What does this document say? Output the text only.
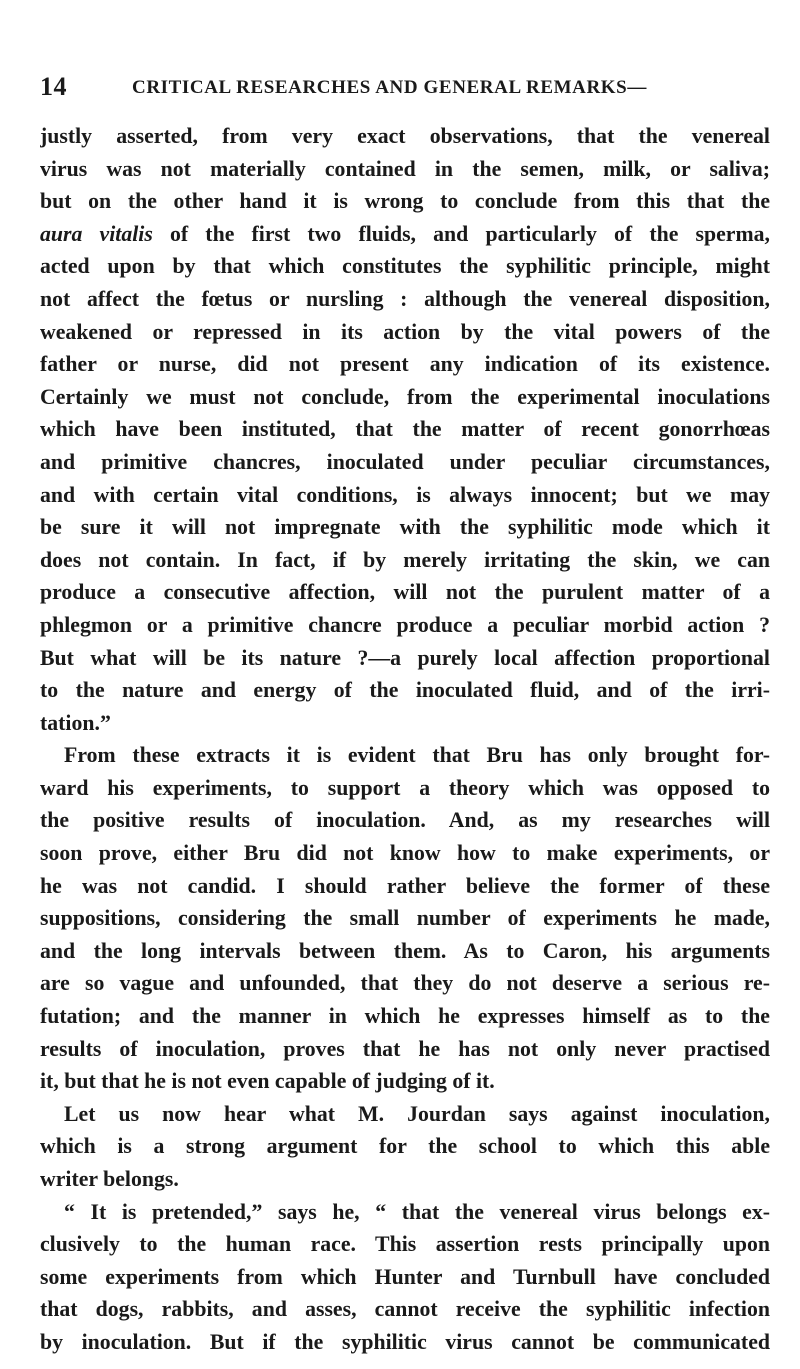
14	CRITICAL RESEARCHES AND GENERAL REMARKS—
justly asserted, from very exact observations, that the venereal
virus was not materially contained in the semen, milk, or saliva;
but on the other hand it is wrong to conclude from this that the
aura vitalis of the first two fluids, and particularly of the sperma,
acted upon by that which constitutes the syphilitic principle, might
not affect the fœtus or nursling : although the venereal disposition,
weakened or repressed in its action by the vital powers of the
father or nurse, did not present any indication of its existence.
Certainly we must not conclude, from the experimental inoculations
which have been instituted, that the matter of recent gonorrhœas
and primitive chancres, inoculated under peculiar circumstances,
and with certain vital conditions, is always innocent; but we may
be sure it will not impregnate with the syphilitic mode which it
does not contain. In fact, if by merely irritating the skin, we can
produce a consecutive affection, will not the purulent matter of a
phlegmon or a primitive chancre produce a peculiar morbid action ?
But what will be its nature ?—a purely local affection proportional
to the nature and energy of the inoculated fluid, and of the irri-
tation.”
From these extracts it is evident that Bru has only brought for-
ward his experiments, to support a theory which was opposed to
the positive results of inoculation. And, as my researches will
soon prove, either Bru did not know how to make experiments, or
he was not candid. I should rather believe the former of these
suppositions, considering the small number of experiments he made,
and the long intervals between them. As to Caron, his arguments
are so vague and unfounded, that they do not deserve a serious re-
futation; and the manner in which he expresses himself as to the
results of inoculation, proves that he has not only never practised
it, but that he is not even capable of judging of it.
Let us now hear what M. Jourdan says against inoculation,
which is a strong argument for the school to which this able
writer belongs.
“ It is pretended,” says he, “ that the venereal virus belongs ex-
clusively to the human race. This assertion rests principally upon
some experiments from which Hunter and Turnbull have concluded
that dogs, rabbits, and asses, cannot receive the syphilitic infection
by inoculation. But if the syphilitic virus cannot be communicated
